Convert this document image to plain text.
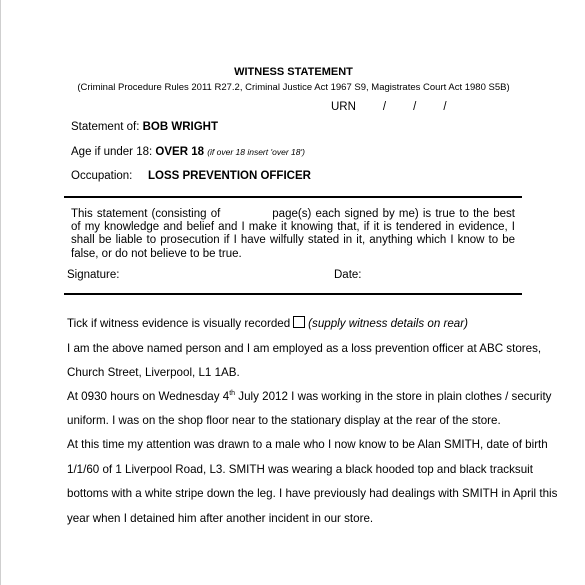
WITNESS STATEMENT
(Criminal Procedure Rules 2011 R27.2, Criminal Justice Act 1967 S9, Magistrates Court Act 1980 S5B)
URN / / /
Statement of: BOB WRIGHT
Age if under 18: OVER 18 (if over 18 insert 'over 18')
Occupation: LOSS PREVENTION OFFICER
This statement (consisting of	page(s) each signed by me) is true to the best of my knowledge and belief and I make it knowing that, if it is tendered in evidence, I shall be liable to prosecution if I have wilfully stated in it, anything which I know to be false, or do not believe to be true.
Signature:	Date:
Tick if witness evidence is visually recorded (supply witness details on rear)
I am the above named person and I am employed as a loss prevention officer at ABC stores,
Church Street, Liverpool, L1 1AB.
At 0930 hours on Wednesday 4th July 2012 I was working in the store in plain clothes / security
uniform. I was on the shop floor near to the stationary display at the rear of the store.
At this time my attention was drawn to a male who I now know to be Alan SMITH, date of birth
1/1/60 of 1 Liverpool Road, L3. SMITH was wearing a black hooded top and black tracksuit
bottoms with a white stripe down the leg. I have previously had dealings with SMITH in April this
year when I detained him after another incident in our store.
